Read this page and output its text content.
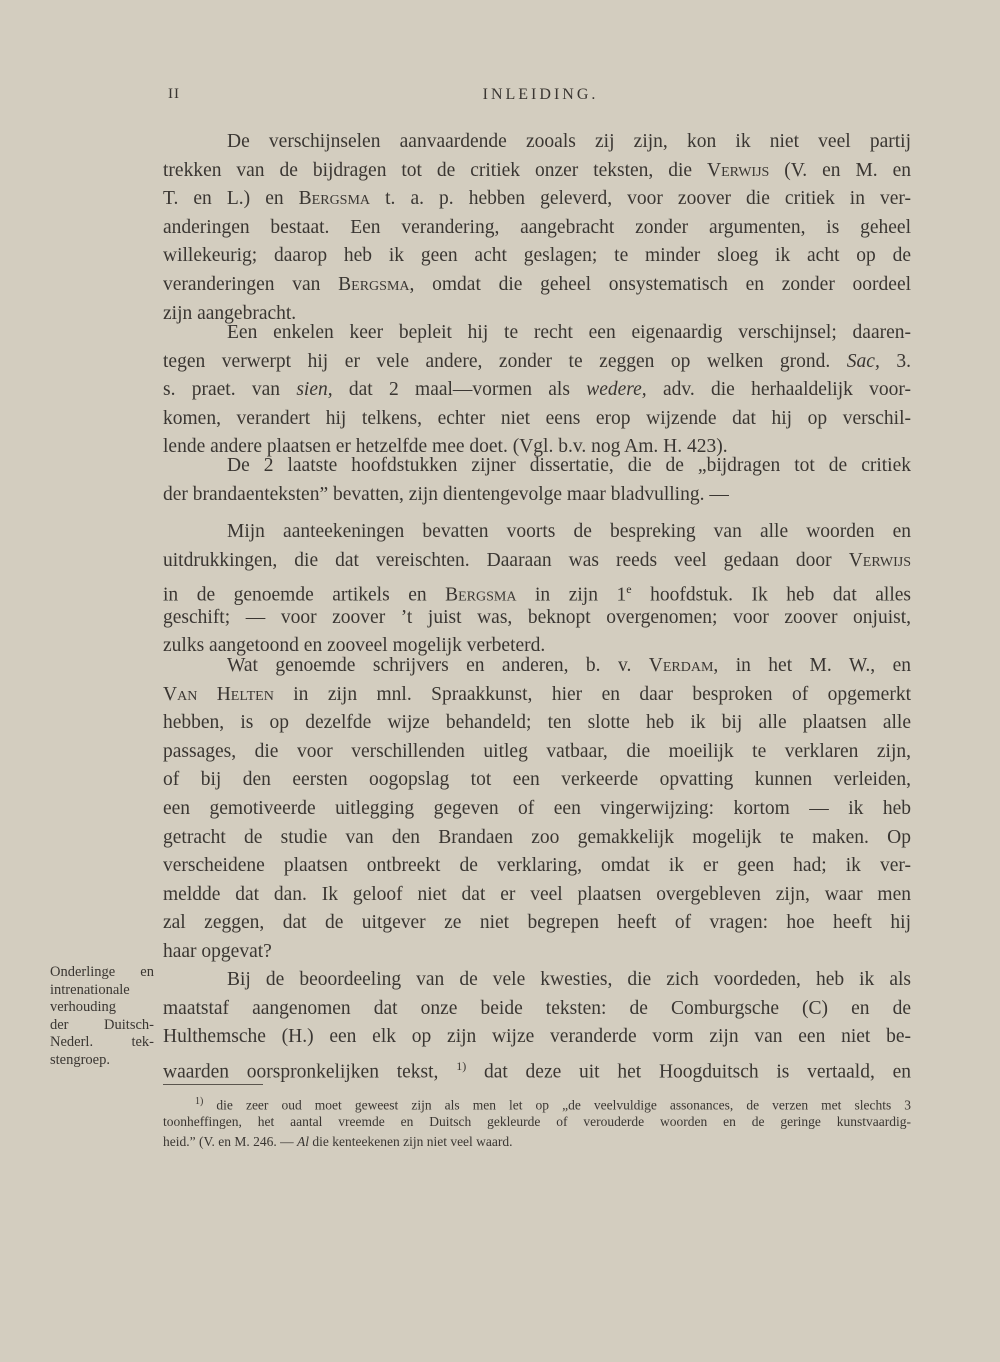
II	INLEIDING.
De verschijnselen aanvaardende zooals zij zijn, kon ik niet veel partij
trekken van de bijdragen tot de critiek onzer teksten, die Verwijs (V. en M. en
T. en L.) en Bergsma t. a. p. hebben geleverd, voor zoover die critiek in ver-
anderingen bestaat. Een verandering, aangebracht zonder argumenten, is geheel
willekeurig; daarop heb ik geen acht geslagen; te minder sloeg ik acht op de
veranderingen van Bergsma, omdat die geheel onsystematisch en zonder oordeel
zijn aangebracht.
Een enkelen keer bepleit hij te recht een eigenaardig verschijnsel; daaren-
tegen verwerpt hij er vele andere, zonder te zeggen op welken grond. Sac, 3.
s. praet. van sien, dat 2 maal—vormen als wedere, adv. die herhaaldelijk voor-
komen, verandert hij telkens, echter niet eens erop wijzende dat hij op verschil-
lende andere plaatsen er hetzelfde mee doet. (Vgl. b.v. nog Am. H. 423).
De 2 laatste hoofdstukken zijner dissertatie, die de „bijdragen tot de critiek
der brandaenteksten” bevatten, zijn dientengevolge maar bladvulling. —
Mijn aanteekeningen bevatten voorts de bespreking van alle woorden en
uitdrukkingen, die dat vereischten. Daaraan was reeds veel gedaan door Verwijs
in de genoemde artikels en Bergsma in zijn 1e hoofdstuk. Ik heb dat alles
geschift; — voor zoover ’t juist was, beknopt overgenomen; voor zoover onjuist,
zulks aangetoond en zooveel mogelijk verbeterd.
Wat genoemde schrijvers en anderen, b. v. Verdam, in het M. W., en
Van Helten in zijn mnl. Spraakkunst, hier en daar besproken of opgemerkt
hebben, is op dezelfde wijze behandeld; ten slotte heb ik bij alle plaatsen alle
passages, die voor verschillenden uitleg vatbaar, die moeilijk te verklaren zijn,
of bij den eersten oogopslag tot een verkeerde opvatting kunnen verleiden,
een gemotiveerde uitlegging gegeven of een vingerwijzing: kortom — ik heb
getracht de studie van den Brandaen zoo gemakkelijk mogelijk te maken. Op
verscheidene plaatsen ontbreekt de verklaring, omdat ik er geen had; ik ver-
meldde dat dan. Ik geloof niet dat er veel plaatsen overgebleven zijn, waar men
zal zeggen, dat de uitgever ze niet begrepen heeft of vragen: hoe heeft hij
haar opgevat?
Onderlinge en
intrenationale
verhouding
der Duitsch-
Nederl. tek-
stengroep.
Bij de beoordeeling van de vele kwesties, die zich voordeden, heb ik als
maatstaf aangenomen dat onze beide teksten: de Comburgsche (C) en de
Hulthemsche (H.) een elk op zijn wijze veranderde vorm zijn van een niet be-
waarden oorspronkelijken tekst, $^{1)}$ dat deze uit het Hoogduitsch is vertaald, en
$^{1)}$ die zeer oud moet geweest zijn als men let op „de veelvuldige assonances, de verzen met slechts 3
toonheffingen, het aantal vreemde en Duitsch gekleurde of verouderde woorden en de geringe kunstvaardig-
heid.” (V. en M. 246. — Al die kenteekenen zijn niet veel waard.
